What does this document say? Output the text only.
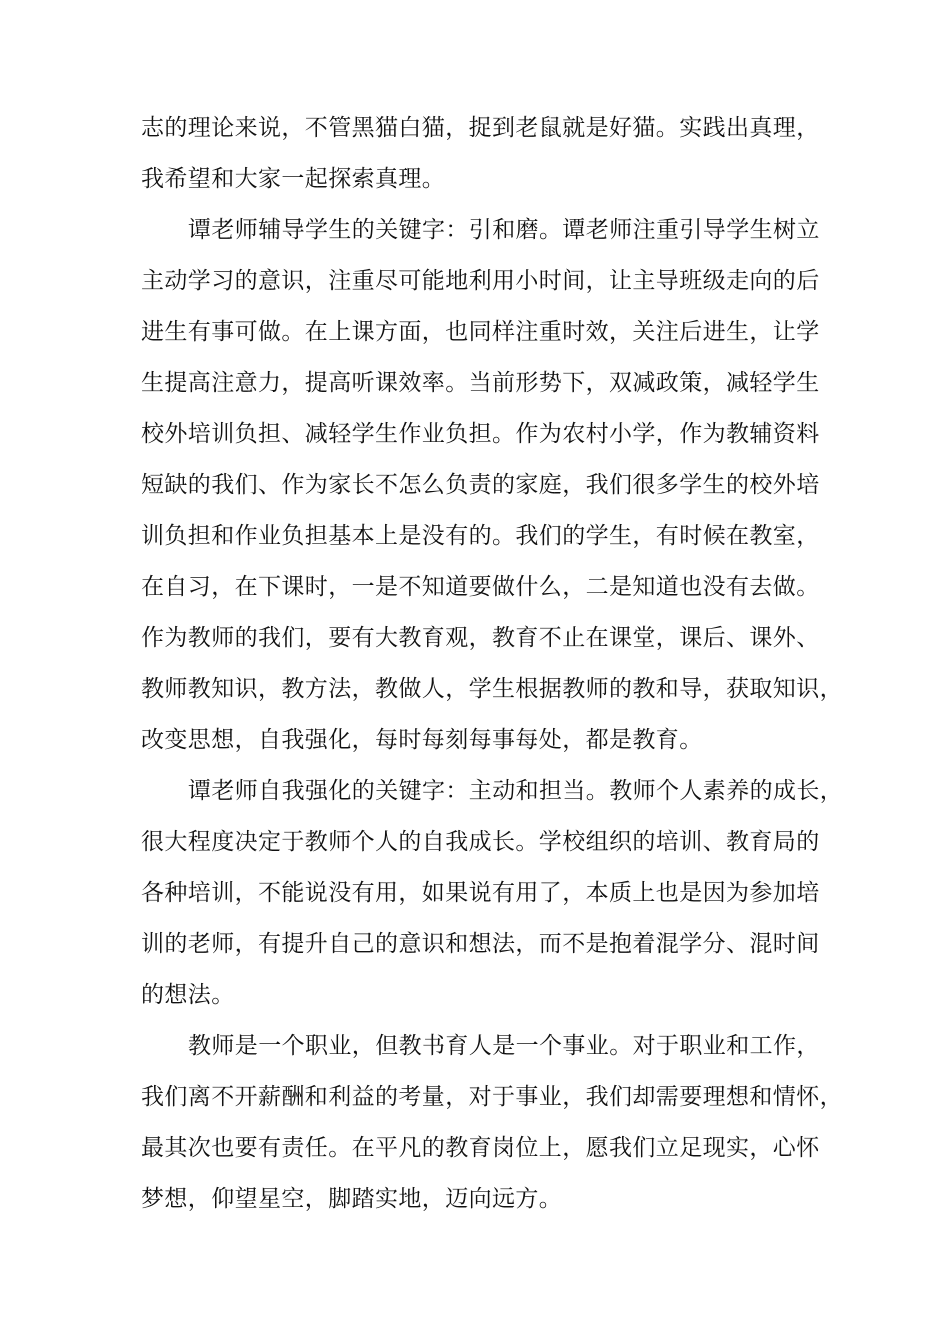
志的理论来说，不管黑猫白猫，捉到老鼠就是好猫。实践出真理，
我希望和大家一起探索真理。
谭老师辅导学生的关键字：引和磨。谭老师注重引导学生树立
主动学习的意识，注重尽可能地利用小时间，让主导班级走向的后
进生有事可做。在上课方面，也同样注重时效，关注后进生，让学
生提高注意力，提高听课效率。当前形势下，双减政策，减轻学生
校外培训负担、减轻学生作业负担。作为农村小学，作为教辅资料
短缺的我们、作为家长不怎么负责的家庭，我们很多学生的校外培
训负担和作业负担基本上是没有的。我们的学生，有时候在教室，
在自习，在下课时，一是不知道要做什么，二是知道也没有去做。
作为教师的我们，要有大教育观，教育不止在课堂，课后、课外、
教师教知识，教方法，教做人，学生根据教师的教和导，获取知识，
改变思想，自我强化，每时每刻每事每处，都是教育。
谭老师自我强化的关键字：主动和担当。教师个人素养的成长，
很大程度决定于教师个人的自我成长。学校组织的培训、教育局的
各种培训，不能说没有用，如果说有用了，本质上也是因为参加培
训的老师，有提升自己的意识和想法，而不是抱着混学分、混时间
的想法。
教师是一个职业，但教书育人是一个事业。对于职业和工作，
我们离不开薪酬和利益的考量，对于事业，我们却需要理想和情怀，
最其次也要有责任。在平凡的教育岗位上，愿我们立足现实，心怀
梦想，仰望星空，脚踏实地，迈向远方。
